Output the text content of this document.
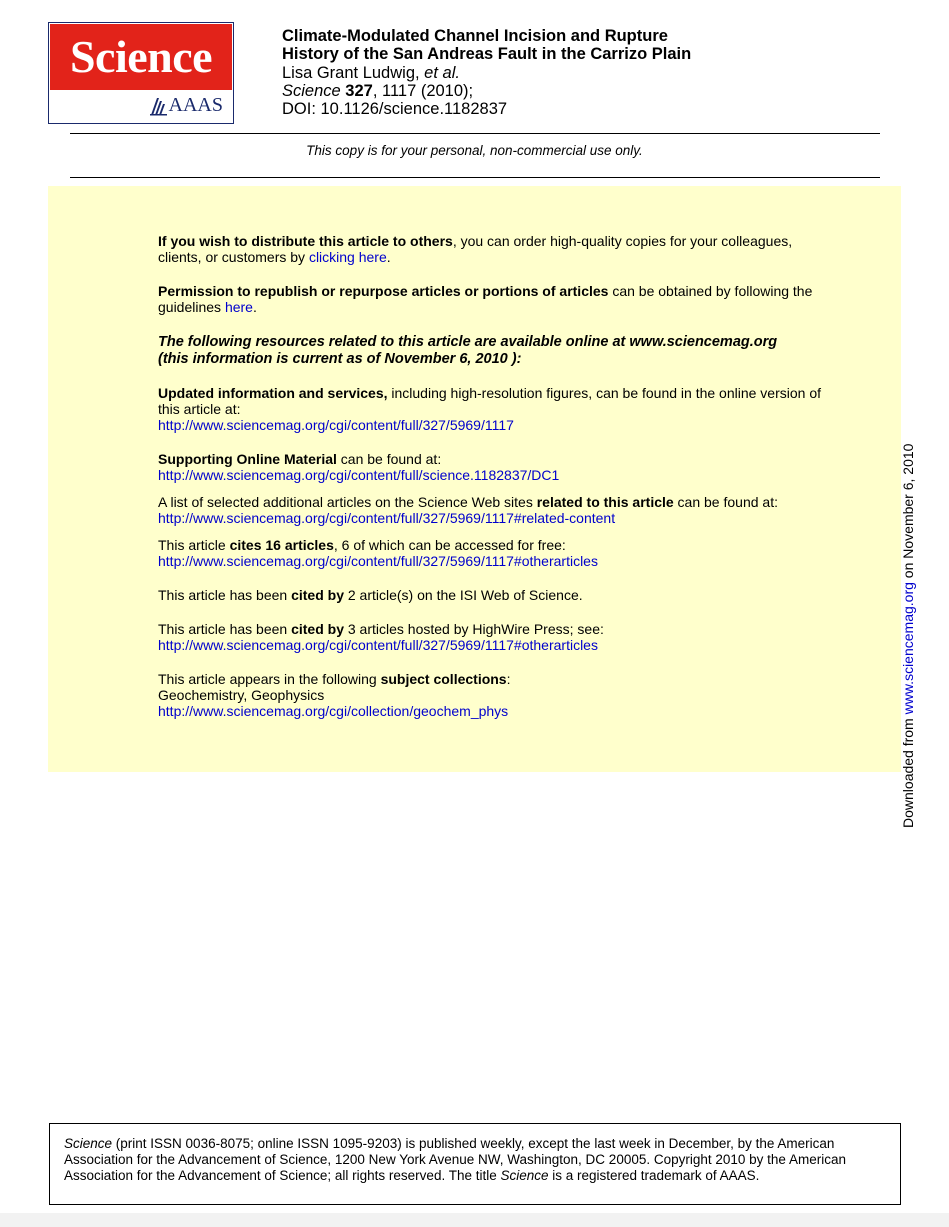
Science
AAAS
Climate-Modulated Channel Incision and Rupture
History of the San Andreas Fault in the Carrizo Plain
Lisa Grant Ludwig, et al.
Science 327, 1117 (2010);
DOI: 10.1126/science.1182837
This copy is for your personal, non-commercial use only.

If you wish to distribute this article to others, you can order high-quality copies for your colleagues, clients, or customers by clicking here.

Permission to republish or repurpose articles or portions of articles can be obtained by following the guidelines here.

The following resources related to this article are available online at www.sciencemag.org
(this information is current as of November 6, 2010 ):

Updated information and services, including high-resolution figures, can be found in the online version of this article at:
http://www.sciencemag.org/cgi/content/full/327/5969/1117

Supporting Online Material can be found at:
http://www.sciencemag.org/cgi/content/full/science.1182837/DC1

A list of selected additional articles on the Science Web sites related to this article can be found at:
http://www.sciencemag.org/cgi/content/full/327/5969/1117#related-content

This article cites 16 articles, 6 of which can be accessed for free:
http://www.sciencemag.org/cgi/content/full/327/5969/1117#otherarticles

This article has been cited by 2 article(s) on the ISI Web of Science.

This article has been cited by 3 articles hosted by HighWire Press; see:
http://www.sciencemag.org/cgi/content/full/327/5969/1117#otherarticles

This article appears in the following subject collections:
Geochemistry, Geophysics
http://www.sciencemag.org/cgi/collection/geochem_phys

Downloaded from www.sciencemag.org on November 6, 2010
Science (print ISSN 0036-8075; online ISSN 1095-9203) is published weekly, except the last week in December, by the American Association for the Advancement of Science, 1200 New York Avenue NW, Washington, DC 20005. Copyright 2010 by the American Association for the Advancement of Science; all rights reserved. The title Science is a registered trademark of AAAS.
